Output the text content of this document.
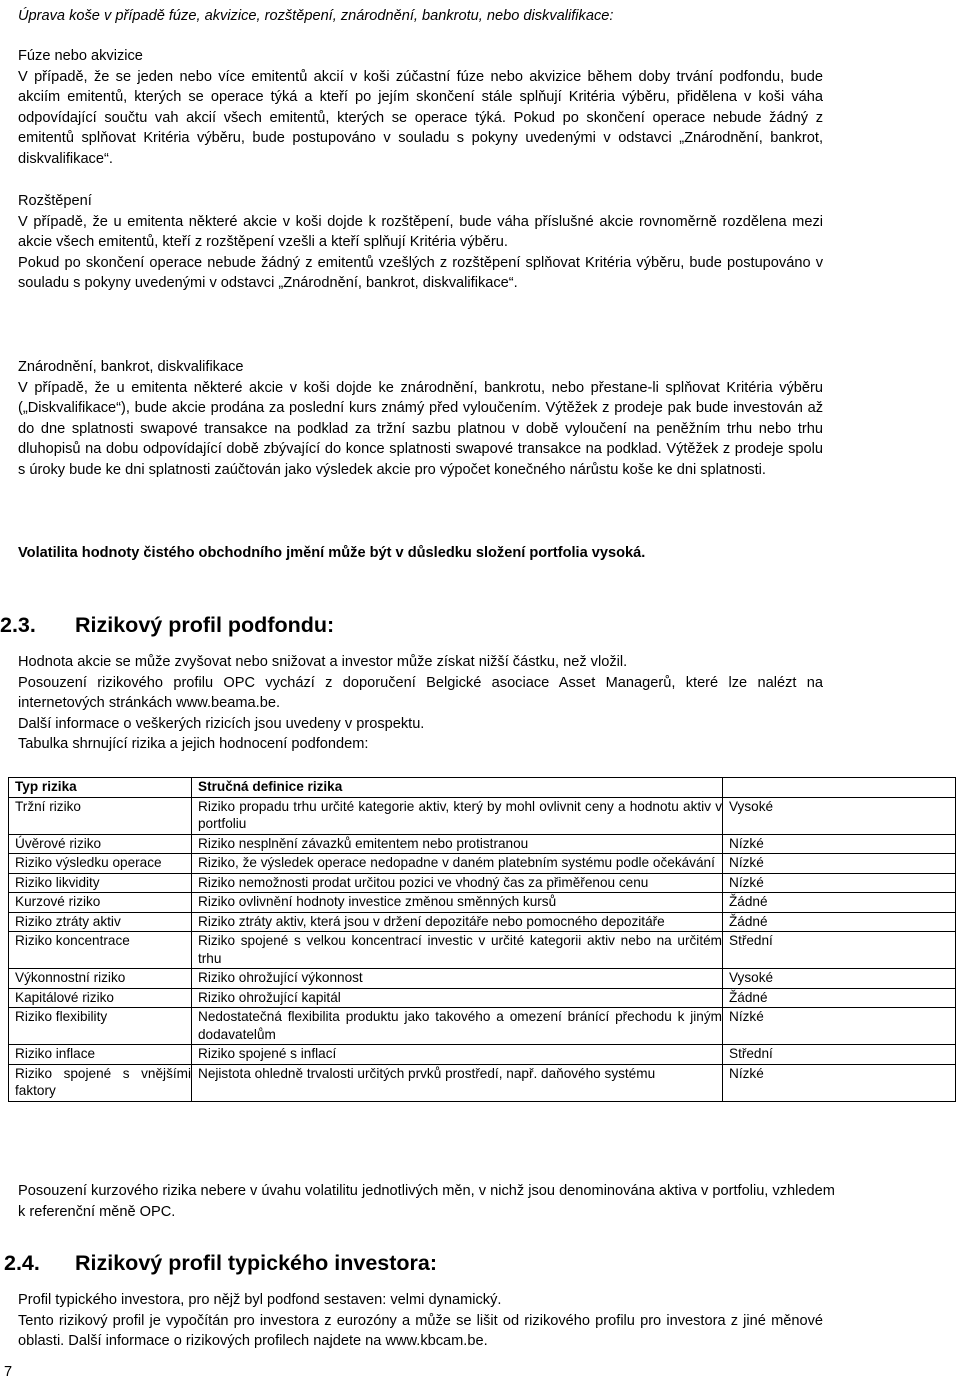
Úprava koše v případě fúze, akvizice, rozštěpení, znárodnění, bankrotu, nebo diskvalifikace:

Fúze nebo akvizice

V případě, že se jeden nebo více emitentů akcií v koši zúčastní fúze nebo akvizice během doby trvání podfondu, bude akciím emitentů, kterých se operace týká a kteří po jejím skončení stále splňují Kritéria výběru, přidělena v koši váha odpovídající součtu vah akcií všech emitentů, kterých se operace týká. Pokud po skončení operace nebude žádný z emitentů splňovat Kritéria výběru, bude postupováno v souladu s pokyny uvedenými v odstavci „Znárodnění, bankrot, diskvalifikace“.

Rozštěpení

V případě, že u emitenta některé akcie v koši dojde k rozštěpení, bude váha příslušné akcie rovnoměrně rozdělena mezi akcie všech emitentů, kteří z rozštěpení vzešli a kteří splňují Kritéria výběru.

Pokud po skončení operace nebude žádný z emitentů vzešlých z rozštěpení splňovat Kritéria výběru, bude postupováno v souladu s pokyny uvedenými v odstavci „Znárodnění, bankrot, diskvalifikace“.

Znárodnění, bankrot, diskvalifikace

V případě, že u emitenta některé akcie v koši dojde ke znárodnění, bankrotu, nebo přestane-li splňovat Kritéria výběru („Diskvalifikace“), bude akcie prodána za poslední kurs známý před vyloučením. Výtěžek z prodeje pak bude investován až do dne splatnosti swapové transakce na podklad za tržní sazbu platnou v době vyloučení na peněžním trhu nebo trhu dluhopisů na dobu odpovídající době zbývající do konce splatnosti swapové transakce na podklad. Výtěžek z prodeje spolu s úroky bude ke dni splatnosti zaúčtován jako výsledek akcie pro výpočet konečného nárůstu koše ke dni splatnosti.

Volatilita hodnoty čistého obchodního jmění může být v důsledku složení portfolia vysoká.

2.3. Rizikový profil podfondu:

Hodnota akcie se může zvyšovat nebo snižovat a investor může získat nižší částku, než vložil.

Posouzení rizikového profilu OPC vychází z doporučení Belgické asociace Asset Managerů, které lze nalézt na internetových stránkách www.beama.be.

Další informace o veškerých rizicích jsou uvedeny v prospektu.

Tabulka shrnující rizika a jejich hodnocení podfondem:

Typ rizika	Stručná definice rizika	
Tržní riziko	Riziko propadu trhu určité kategorie aktiv, který by mohl ovlivnit ceny a hodnotu aktiv v portfoliu	Vysoké
Úvěrové riziko	Riziko nesplnění závazků emitentem nebo protistranou	Nízké
Riziko výsledku operace	Riziko, že výsledek operace nedopadne v daném platebním systému podle očekávání	Nízké
Riziko likvidity	Riziko nemožnosti prodat určitou pozici ve vhodný čas za přiměřenou cenu	Nízké
Kurzové riziko	Riziko ovlivnění hodnoty investice změnou směnných kursů	Žádné
Riziko ztráty aktiv	Riziko ztráty aktiv, která jsou v držení depozitáře nebo pomocného depozitáře	Žádné
Riziko koncentrace	Riziko spojené s velkou koncentrací investic v určité kategorii aktiv nebo na určitém trhu	Střední
Výkonnostní riziko	Riziko ohrožující výkonnost	Vysoké
Kapitálové riziko	Riziko ohrožující kapitál	Žádné
Riziko flexibility	Nedostatečná flexibilita produktu jako takového a omezení bránící přechodu k jiným dodavatelům	Nízké
Riziko inflace	Riziko spojené s inflací	Střední
Riziko spojené s vnějšími faktory	Nejistota ohledně trvalosti určitých prvků prostředí, např. daňového systému	Nízké

Posouzení kurzového rizika nebere v úvahu volatilitu jednotlivých měn, v nichž jsou denominována aktiva v portfoliu, vzhledem k referenční měně OPC.

2.4. Rizikový profil typického investora:

Profil typického investora, pro nějž byl podfond sestaven: velmi dynamický.

Tento rizikový profil je vypočítán pro investora z eurozóny a může se lišit od rizikového profilu pro investora z jiné měnové oblasti. Další informace o rizikových profilech najdete na www.kbcam.be.

7
